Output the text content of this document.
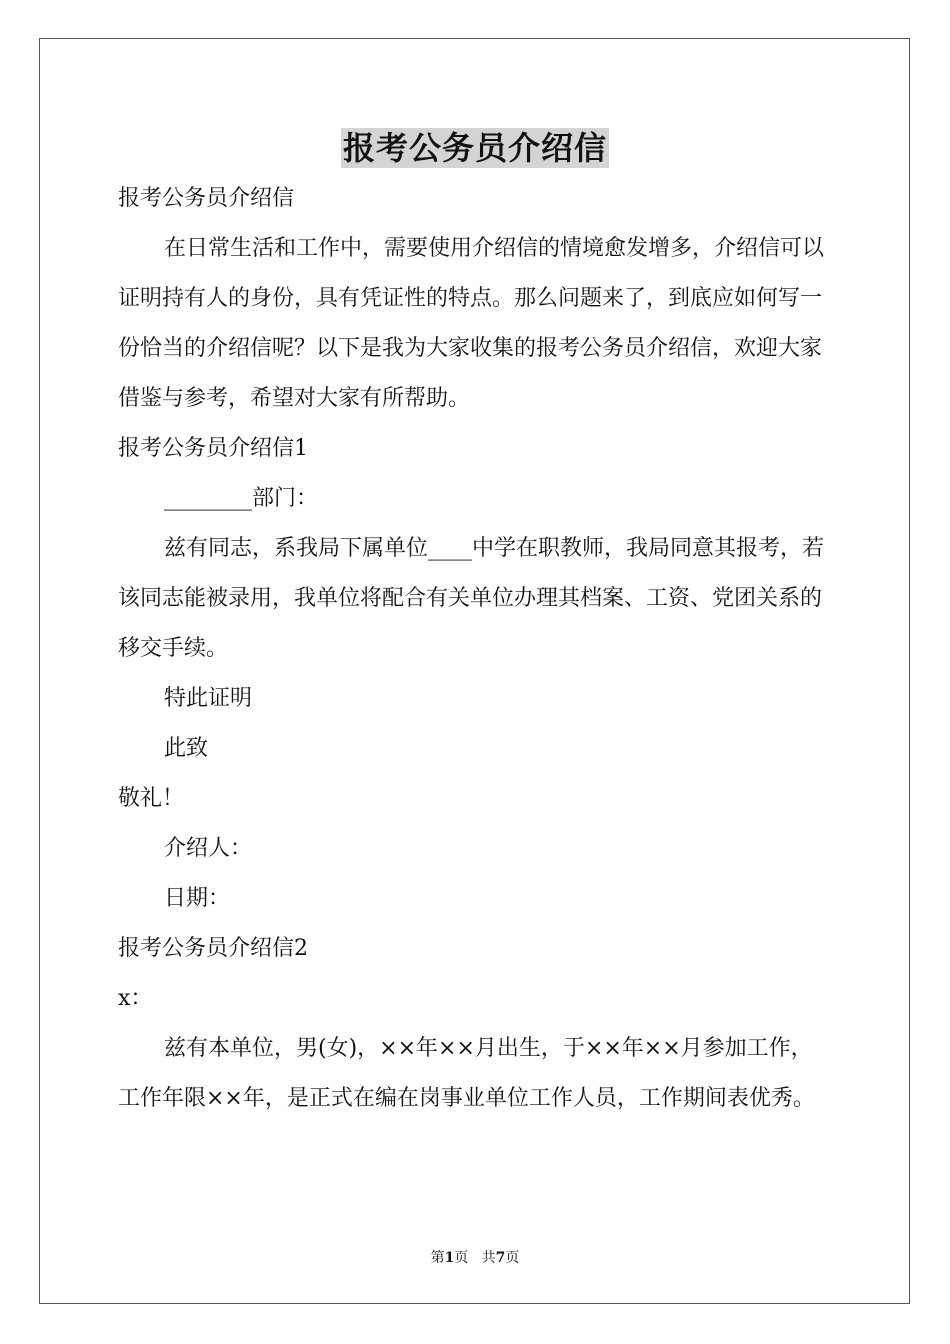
报考公务员介绍信

报考公务员介绍信

在日常生活和工作中，需要使用介绍信的情境愈发增多，介绍信可以证明持有人的身份，具有凭证性的特点。那么问题来了，到底应如何写一份恰当的介绍信呢？以下是我为大家收集的报考公务员介绍信，欢迎大家借鉴与参考，希望对大家有所帮助。

报考公务员介绍信1

________部门：

兹有同志，系我局下属单位____中学在职教师，我局同意其报考，若该同志能被录用，我单位将配合有关单位办理其档案、工资、党团关系的移交手续。

特此证明

此致

敬礼！

介绍人：

日期：

报考公务员介绍信2

x：

兹有本单位，男(女)，××年××月出生，于××年××月参加工作，工作年限××年，是正式在编在岗事业单位工作人员，工作期间表优秀。

第1页 共7页
